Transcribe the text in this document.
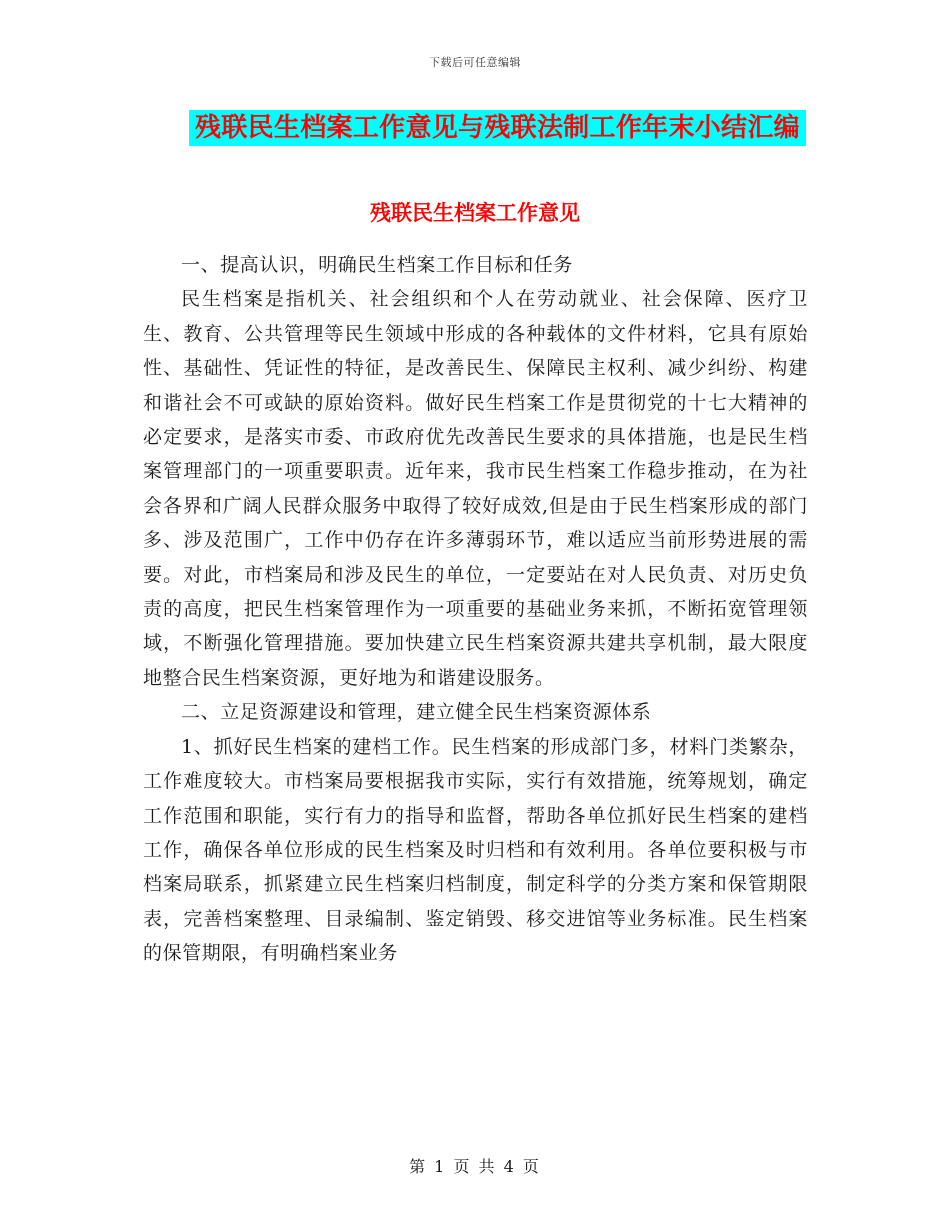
下载后可任意编辑
残联民生档案工作意见与残联法制工作年末小结汇编
残联民生档案工作意见

一、提高认识，明确民生档案工作目标和任务

民生档案是指机关、社会组织和个人在劳动就业、社会保障、医疗卫生、教育、公共管理等民生领域中形成的各种载体的文件材料，它具有原始性、基础性、凭证性的特征，是改善民生、保障民主权利、减少纠纷、构建和谐社会不可或缺的原始资料。做好民生档案工作是贯彻党的十七大精神的必定要求，是落实市委、市政府优先改善民生要求的具体措施，也是民生档案管理部门的一项重要职责。近年来，我市民生档案工作稳步推动，在为社会各界和广阔人民群众服务中取得了较好成效,但是由于民生档案形成的部门多、涉及范围广，工作中仍存在许多薄弱环节，难以适应当前形势进展的需要。对此，市档案局和涉及民生的单位，一定要站在对人民负责、对历史负责的高度，把民生档案管理作为一项重要的基础业务来抓，不断拓宽管理领域，不断强化管理措施。要加快建立民生档案资源共建共享机制，最大限度地整合民生档案资源，更好地为和谐建设服务。

二、立足资源建设和管理，建立健全民生档案资源体系

1、抓好民生档案的建档工作。民生档案的形成部门多，材料门类繁杂，工作难度较大。市档案局要根据我市实际，实行有效措施，统筹规划，确定工作范围和职能，实行有力的指导和监督，帮助各单位抓好民生档案的建档工作，确保各单位形成的民生档案及时归档和有效利用。各单位要积极与市档案局联系，抓紧建立民生档案归档制度，制定科学的分类方案和保管期限表，完善档案整理、目录编制、鉴定销毁、移交进馆等业务标准。民生档案的保管期限，有明确档案业务

第 1 页 共 4 页
